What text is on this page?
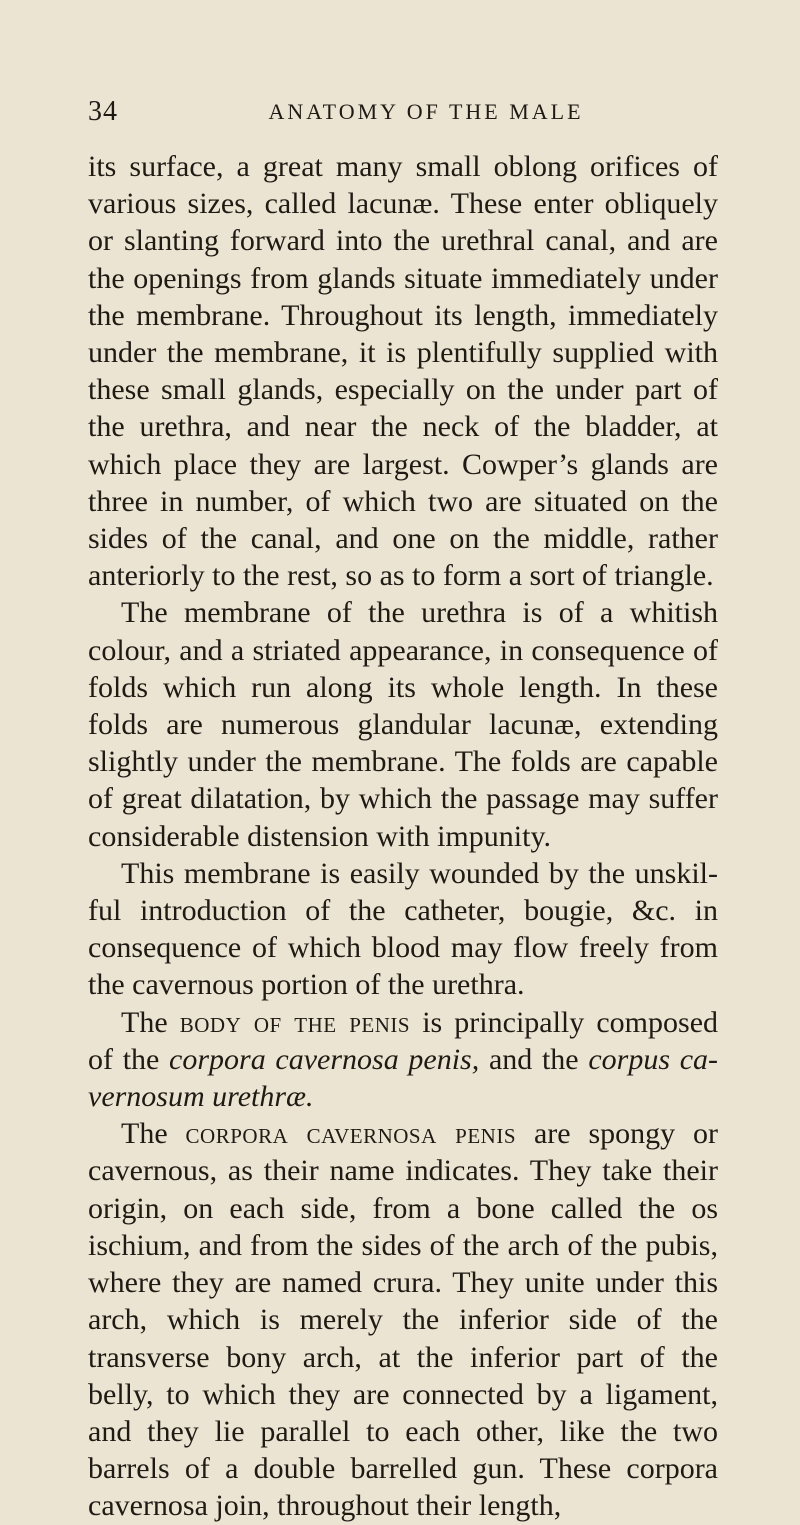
34	ANATOMY OF THE MALE

its surface, a great many small oblong orifices of various sizes, called lacunæ. These enter obliquely or slanting forward into the urethral canal, and are the openings from glands situate immediately under the membrane. Throughout its length, immediately under the membrane, it is plentifully supplied with these small glands, especially on the under part of the urethra, and near the neck of the bladder, at which place they are largest. Cowper’s glands are three in number, of which two are situated on the sides of the canal, and one on the middle, rather anteriorly to the rest, so as to form a sort of triangle.

The membrane of the urethra is of a whitish colour, and a striated appearance, in consequence of folds which run along its whole length. In these folds are numerous glandular lacunæ, extending slightly under the membrane. The folds are capable of great dilatation, by which the passage may suffer considerable distension with impunity.

This membrane is easily wounded by the unskilful introduction of the catheter, bougie, &c. in consequence of which blood may flow freely from the cavernous portion of the urethra.

The body of the penis is principally composed of the corpora cavernosa penis, and the corpus cavernosum urethræ.

The corpora cavernosa penis are spongy or cavernous, as their name indicates. They take their origin, on each side, from a bone called the os ischium, and from the sides of the arch of the pubis, where they are named crura. They unite under this arch, which is merely the inferior side of the transverse bony arch, at the inferior part of the belly, to which they are connected by a ligament, and they lie parallel to each other, like the two barrels of a double barrelled gun. These corpora cavernosa join, throughout their length,
